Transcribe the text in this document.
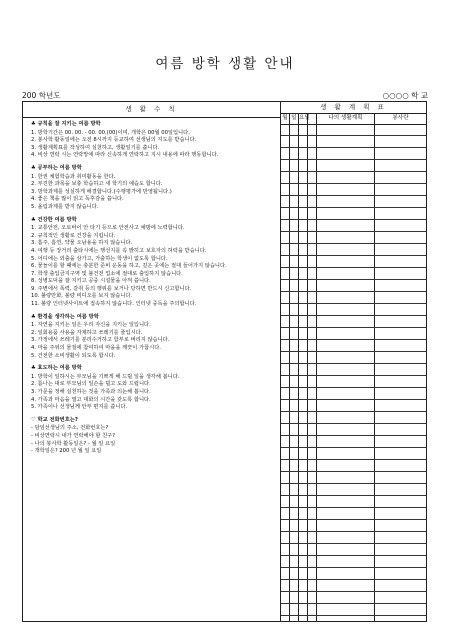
여름 방학 생활 안내
200 학년도	○○○○ 학 교
생 활 수 칙
♣ 규칙을 잘 지키는 여름 방학
1. 방학기간은 00. 00. - 00. 00.(00)이며, 개학은 00월 00일입니다.
2. 봉사학 활동일에는 오전 8시까지 등교하여 선생님의 지도를 받습니다.
3. 생활계획표를 작성하여 실천하고, 생활일기를 씁니다.
4. 비상 연락 시는 연락망에 따라 신속하게 연락하고 지시 내용에 따라 행동합니다.
♣ 공부하는 여름 방학
1. 한권 체험학습과 취미활동을 한다.
2. 부진한 과목을 보충 학습하고 새 학기의 예습도 합니다.
3. 방학과제를 성실하게 해결합니다.(수행평가에 반영됩니다.)
4. 좋은 책을 많이 읽고 독후감을 씁니다.
5. 올림과제를 받지 않습니다.
♣ 건강한 여름 방학
1. 교통안전, 오토바이 안 타기 등으로 안전사고 예방에 노력합니다.
2. 규칙적인 생활로 건강을 지킵니다.
3. 흡주, 흡연, 약물 오남용을 하지 않습니다.
4. 여행 등 장거리 출타시에는 행선지를 꼭 밝히고 보호자의 허락을 받습니다.
5. 어디에는 외출을 삼가고, 가출하는 학생이 없도록 합니다.
6. 물놀이를 할 때에는 충분한 준비 운동을 하고, 깊은 곳에는 절대 들어가지 않습니다.
7. 학생 출입금지구역 및 불건전 업소에 절대로 출입하지 않습니다.
8. 성병도덕을 잘 지키고 공중 시설물을 아껴 씁니다.
9. 주변에서 폭력, 갈취 등의 행위를 보거나 당하면 반드시 신고합니다.
10. 불량만화, 불량 비디오를 보지 않습니다.
11. 불량 인터넷사이트에 접속하지 않습니다. 인터넷 중독을 주의합니다.
♣ 환경을 생각하는 여름 방학
1. 자연을 지키는 일은 우리 자신을 지키는 일입니다.
2. 일회용품 사용을 자제하고 쓰레기를 줄입시다.
3. 가정에서 쓰레기를 분리수거하고 함부로 버리지 않습니다.
4. 마을 주위의 물질에 참여하여 마을을 깨끗이 가꿉시다.
5. 건전한 소비생활이 되도록 합시다.
♣ 효도하는 여름 방학
1. 방학이 일하시는 부모님을 기쁘게 해 드릴 일을 생각해 봅니다.
2. 틈나는 대로 부모님의 일손을 덜고 도와 드립니다.
3. 가문을 정해 실천하는 것을 가족과 의논해 봅니다.
4. 가족과 마음을 열고 대화의 시간을 갖도록 합니다.
5. 가족이나 선생님께 안부 편지를 씁니다.
♡ 학교 전화번호는?
- 담임선생님의 주소, 전화번호는?
- 비상연락시 내가 연락해야 할 친구?
- 나의 봉사학 활동일은? - 월 일 요일
- 개학일은? 200 년 월 일 요일
생 활 계 획 표
월 일 요일	나의 생활계획	봉사란
